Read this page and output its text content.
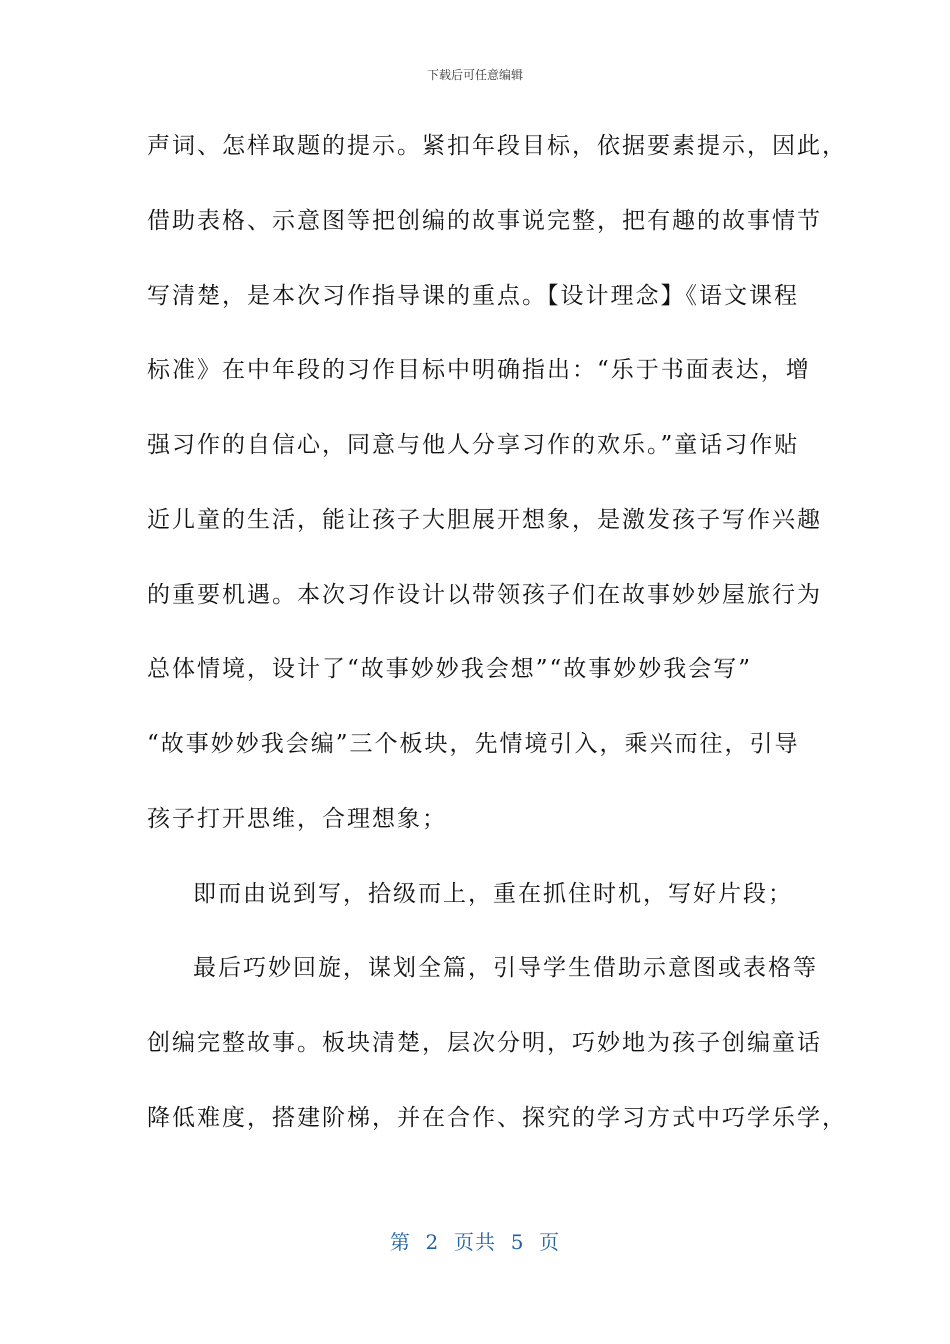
下载后可任意编辑
声词、怎样取题的提示。紧扣年段目标，依据要素提示，因此，
借助表格、示意图等把创编的故事说完整，把有趣的故事情节
写清楚，是本次习作指导课的重点。【设计理念】《语文课程
标准》在中年段的习作目标中明确指出：“乐于书面表达，增
强习作的自信心，同意与他人分享习作的欢乐。”童话习作贴
近儿童的生活，能让孩子大胆展开想象，是激发孩子写作兴趣
的重要机遇。本次习作设计以带领孩子们在故事妙妙屋旅行为
总体情境，设计了“故事妙妙我会想”“故事妙妙我会写”
“故事妙妙我会编”三个板块，先情境引入，乘兴而往，引导
孩子打开思维，合理想象；
即而由说到写，拾级而上，重在抓住时机，写好片段；
最后巧妙回旋，谋划全篇，引导学生借助示意图或表格等
创编完整故事。板块清楚，层次分明，巧妙地为孩子创编童话
降低难度，搭建阶梯，并在合作、探究的学习方式中巧学乐学，
第  2  页共  5  页
